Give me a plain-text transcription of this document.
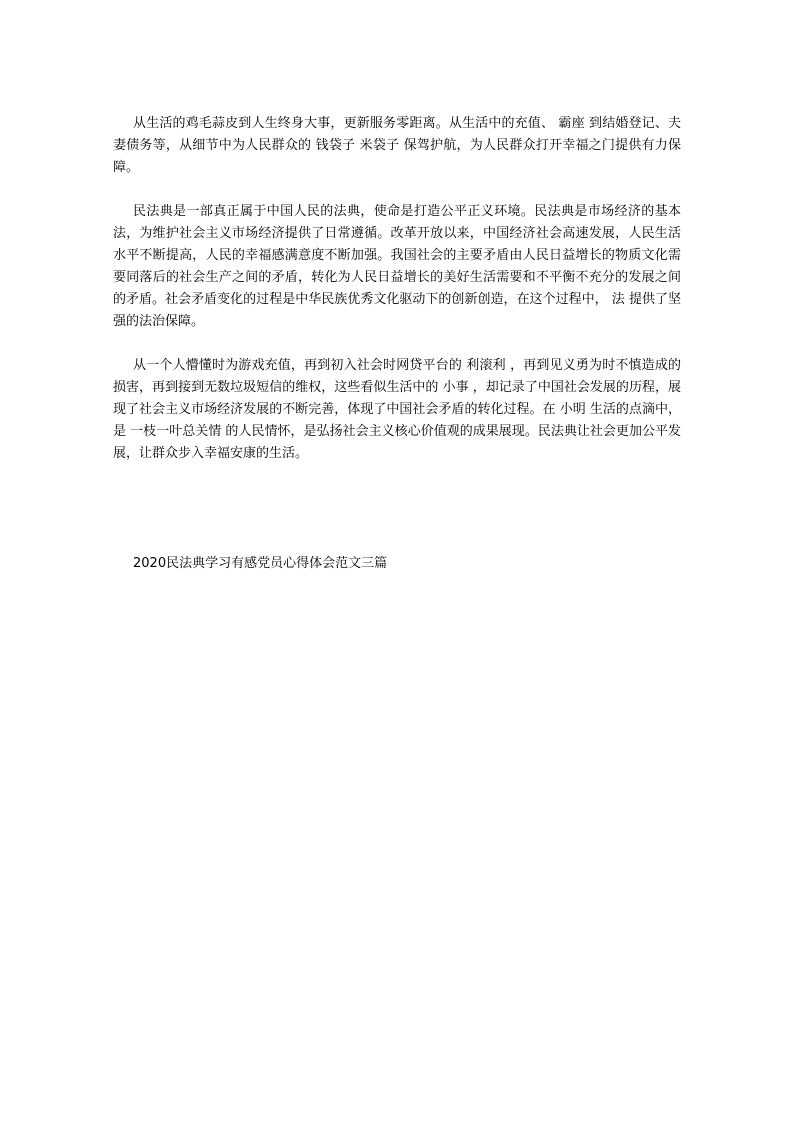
从生活的鸡毛蒜皮到人生终身大事，更新服务零距离。从生活中的充值、 霸座 到结婚登记、夫妻债务等，从细节中为人民群众的 钱袋子 米袋子 保驾护航，为人民群众打开幸福之门提供有力保障。

民法典是一部真正属于中国人民的法典，使命是打造公平正义环境。民法典是市场经济的基本法，为维护社会主义市场经济提供了日常遵循。改革开放以来，中国经济社会高速发展，人民生活水平不断提高，人民的幸福感满意度不断加强。我国社会的主要矛盾由人民日益增长的物质文化需要同落后的社会生产之间的矛盾，转化为人民日益增长的美好生活需要和不平衡不充分的发展之间的矛盾。社会矛盾变化的过程是中华民族优秀文化驱动下的创新创造，在这个过程中， 法 提供了坚强的法治保障。

从一个人懵懂时为游戏充值，再到初入社会时网贷平台的 利滚利 ，再到见义勇为时不慎造成的损害，再到接到无数垃圾短信的维权，这些看似生活中的 小事 ，却记录了中国社会发展的历程，展现了社会主义市场经济发展的不断完善，体现了中国社会矛盾的转化过程。在 小明 生活的点滴中，是 一枝一叶总关情 的人民情怀，是弘扬社会主义核心价值观的成果展现。民法典让社会更加公平发展，让群众步入幸福安康的生活。

2020民法典学习有感党员心得体会范文三篇
